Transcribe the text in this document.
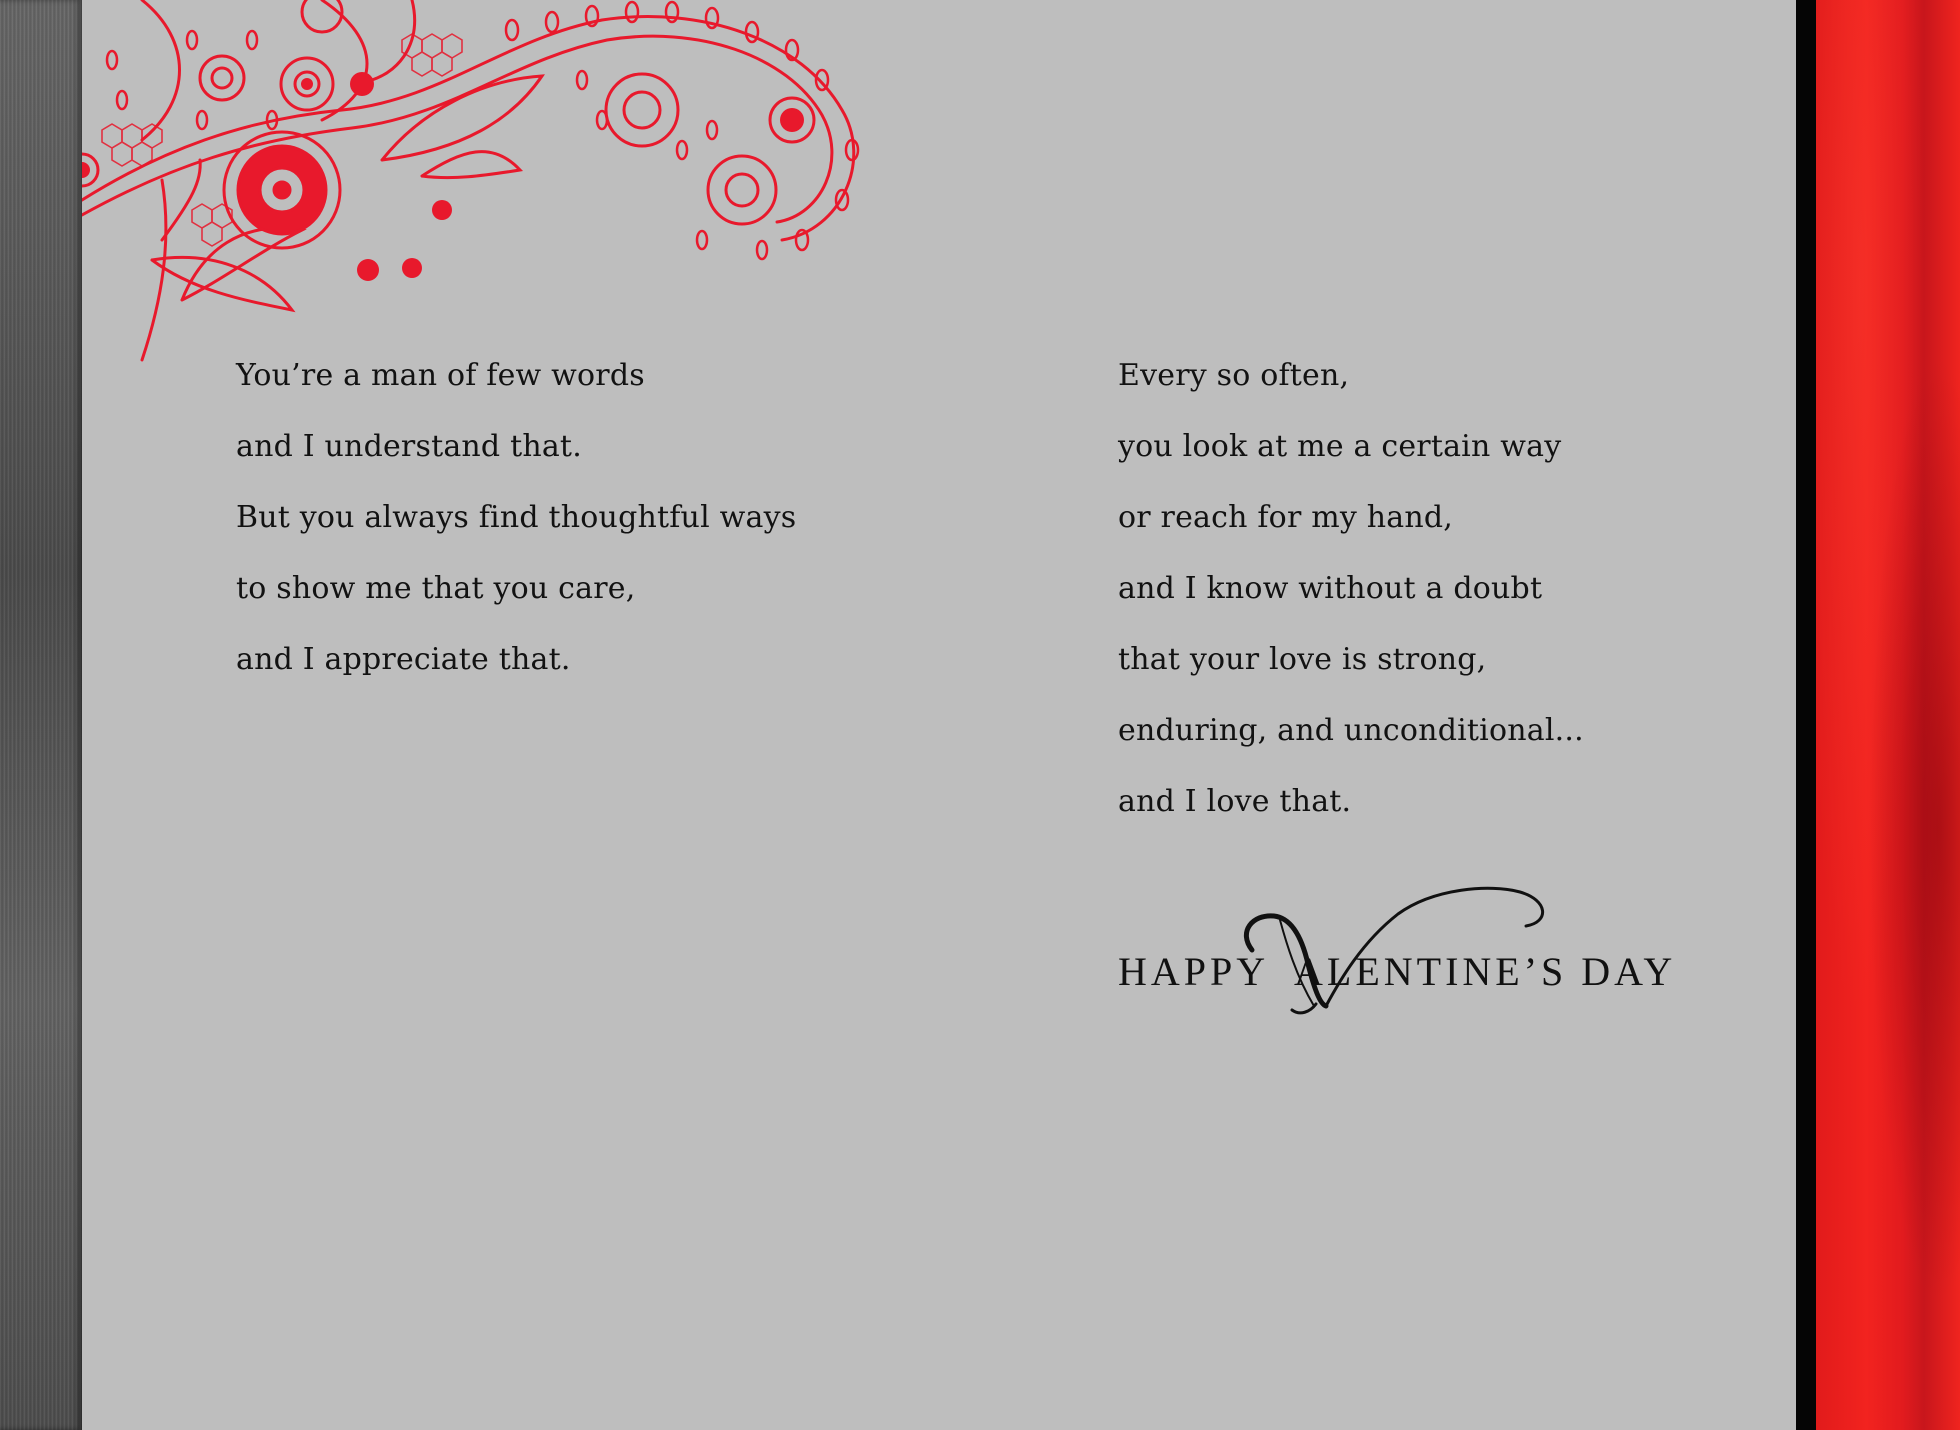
You’re a man of few words
and I understand that.
But you always find thoughtful ways
to show me that you care,
and I appreciate that.
Every so often,
you look at me a certain way
or reach for my hand,
and I know without a doubt
that your love is strong,
enduring, and unconditional...
and I love that.
HAPPY V ALENTINE’S DAY
